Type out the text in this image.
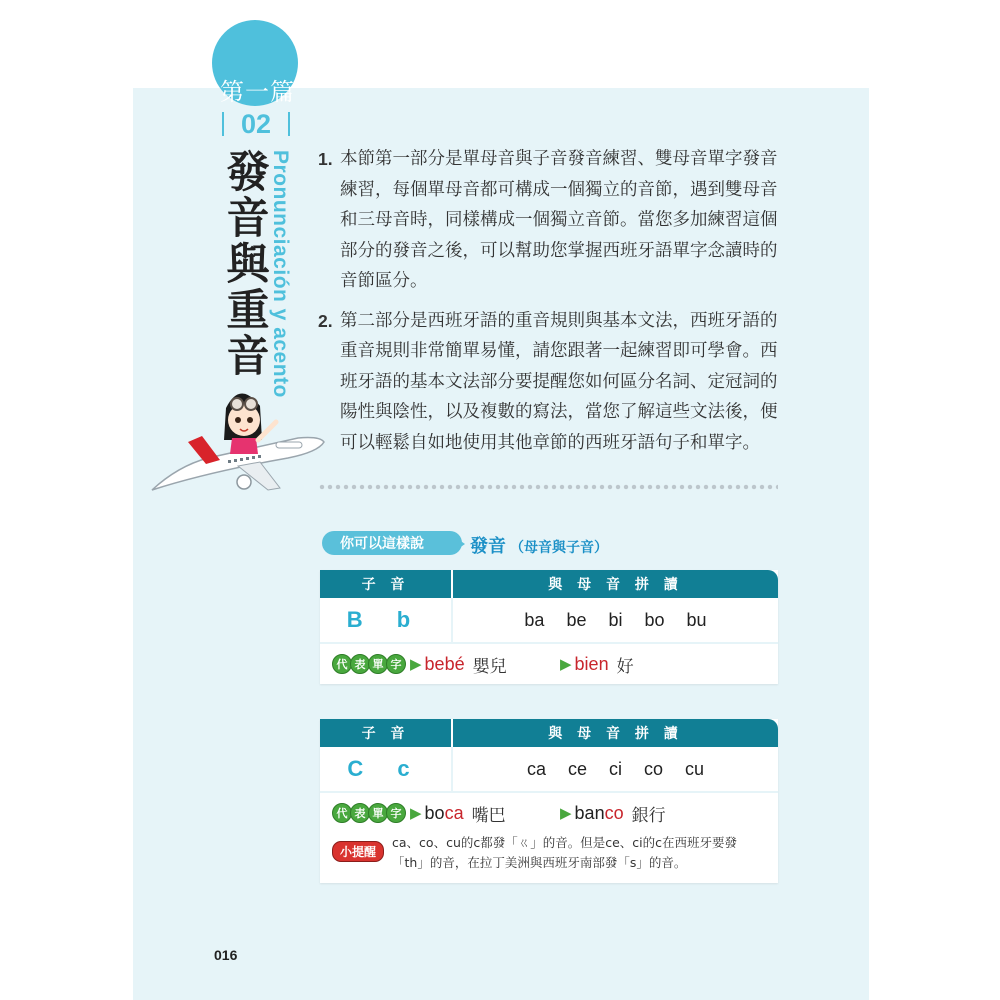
第一篇
02
發
音
與
重
音 Pronunciación y acento 1. 本節第一部分是單母音與子音發音練習、雙母音單字發音練習，每個單母音都可構成一個獨立的音節，遇到雙母音和三母音時，同樣構成一個獨立音節。當您多加練習這個部分的發音之後，可以幫助您掌握西班牙語單字念讀時的音節區分。
2. 第二部分是西班牙語的重音規則與基本文法，西班牙語的重音規則非常簡單易懂，請您跟著一起練習即可學會。西班牙語的基本文法部分要提醒您如何區分名詞、定冠詞的陽性與陰性，以及複數的寫法，當您了解這些文法後，便可以輕鬆自如地使用其他章節的西班牙語句子和單字。
你可以這樣說	發音 （母音與子音）
子 音	與 母 音 拼 讀
B b	ba be bi bo bu
代 表 單 字 ▶ bebé 嬰兒	▶ bien 好
子 音	與 母 音 拼 讀
C c	ca ce ci co cu
代 表 單 字 ▶ bo ca 嘴巴	▶ ban co 銀行
小提醒
ca、co、cu的c都發「ㄍ」的音。但是ce、ci的c在西班牙要發「th」的音，在拉丁美洲與西班牙南部發「s」的音。
016
